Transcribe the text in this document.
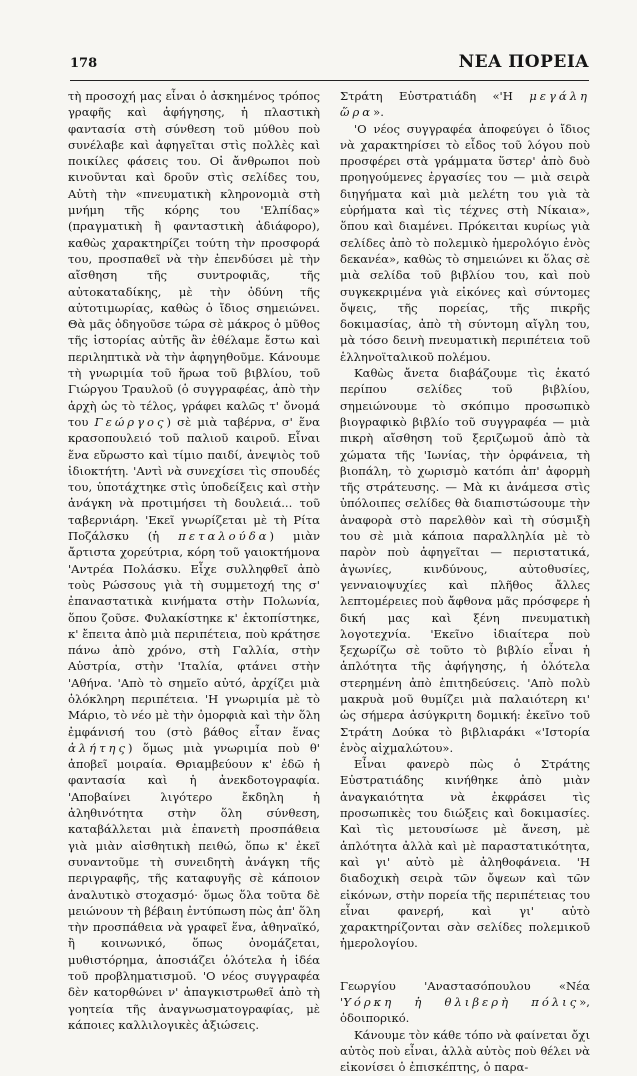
178	ΝΕΑ ΠΟΡΕΙΑ

τὴ προσοχή μας εἶναι ὁ ἀσκημένος τρόπος γραφῆς καὶ ἀφήγησης, ἡ πλαστικὴ φαντασία στὴ σύνθεση τοῦ μύθου ποὺ συνέλαβε καὶ ἀφηγεῖται στὶς πολλὲς καὶ ποικίλες φάσεις του. Οἱ ἄνθρωποι ποὺ κινοῦνται καὶ δροῦν στὶς σελίδες του, Αὐτὴ τὴν «πνευματικὴ κληρονομιὰ στὴ μνήμη τῆς κόρης του 'Ελπίδας» (πραγματικὴ ἢ φανταστικὴ ἀδιάφορο), καθὼς χαρακτηρίζει τούτη τὴν προσφορά του, προσπαθεῖ νὰ τὴν ἐπενδύσει μὲ τὴν αἴσθηση τῆς συντροφιᾶς, τῆς αὐτοκαταδίκης, μὲ τὴν ὀδύνη τῆς αὐτοτιμωρίας, καθὼς ὁ ἴδιος σημειώνει. Θὰ μᾶς ὁδηγοῦσε τώρα σὲ μάκρος ὁ μῦθος τῆς ἱστορίας αὐτῆς ἂν ἐθέλαμε ἔστω καὶ περιληπτικὰ νὰ τὴν ἀφηγηθοῦμε. Κάνουμε τὴ γνωριμία τοῦ ἥρωα τοῦ βιβλίου, τοῦ Γιώργου Τραυλοῦ (ὁ συγγραφέας, ἀπὸ τὴν ἀρχὴ ὡς τὸ τέλος, γράφει καλῶς τ' ὄνομά του Γεώργος) σὲ μιὰ ταβέρνα, σ' ἕνα κρασοπουλειό τοῦ παλιοῦ καιροῦ. Εἶναι ἕνα εὔρωστο καὶ τίμιο παιδί, ἀνεψιὸς τοῦ ἰδιοκτήτη. 'Αντὶ νὰ συνεχίσει τὶς σπουδές του, ὑποτάχτηκε στὶς ὑποδείξεις καὶ στὴν ἀνάγκη νὰ προτιμήσει τὴ δουλειά... τοῦ ταβερνιάρη. 'Εκεῖ γνωρίζεται μὲ τὴ Ρίτα Ποζάλσκυ (ἡ πεταλούδα) μιὰν ἄρτιστα χορεύτρια, κόρη τοῦ γαιοκτήμονα 'Αντρέα Πολάσκυ. Εἶχε συλληφθεῖ ἀπὸ τοὺς Ρώσσους γιὰ τὴ συμμετοχή της σ' ἐπαναστατικὰ κινήματα στὴν Πολωνία, ὅπου ζοῦσε. Φυλακίστηκε κ' ἐκτοπίστηκε, κ' ἔπειτα ἀπὸ μιὰ περιπέτεια, ποὺ κράτησε πάνω ἀπὸ χρόνο, στὴ Γαλλία, στὴν Αὐστρία, στὴν 'Ιταλία, φτάνει στὴν 'Αθήνα. 'Απὸ τὸ σημεῖο αὐτό, ἀρχίζει μιὰ ὁλόκληρη περιπέτεια. 'Η γνωριμία μὲ τὸ Μάριο, τὸ νέο μὲ τὴν ὀμορφιὰ καὶ τὴν ὅλη ἐμφάνισή του (στὸ βάθος εἶταν ἕνας ἀλήτης) ὅμως μιὰ γνωριμία ποὺ θ' ἀποβεῖ μοιραία. Θριαμβεύουν κ' ἐδῶ ἡ φαντασία καὶ ἡ ἀνεκδοτογραφία. 'Αποβαίνει λιγότερο ἔκδηλη ἡ ἀληθινότητα στὴν ὅλη σύνθεση, καταβάλλεται μιὰ ἐπανετὴ προσπάθεια γιὰ μιὰν αἰσθητικὴ πειθώ, ὅπω κ' ἐκεῖ συναντοῦμε τὴ συνειδητὴ ἀνάγκη τῆς περιγραφῆς, τῆς καταφυγῆς σὲ κάποιον ἀναλυτικὸ στοχασμό· ὅμως ὅλα τοῦτα δὲ μειώνουν τὴ βέβαιη ἐντύπωση πὼς ἀπ' ὅλη τὴν προσπάθεια νὰ γραφεῖ ἕνα, ἀθηναϊκό, ἢ κοινωνικό, ὅπως ὀνομάζεται, μυθιστόρημα, ἀποσιάζει ὁλότελα ἡ ἰδέα τοῦ προβληματισμοῦ. 'Ο νέος συγγραφέα δὲν κατορθώνει ν' ἀπαγκιστρωθεῖ ἀπὸ τὴ γοητεία τῆς ἀναγνωσματογραφίας, μὲ κάποιες καλλιλογικὲς ἀξιώσεις.

Στράτη Εὐστρατιάδη «'Η μεγάλη ὥρα».

'Ο νέος συγγραφέα ἀποφεύγει ὁ ἴδιος νὰ χαρακτηρίσει τὸ εἶδος τοῦ λόγου ποὺ προσφέρει στὰ γράμματα ὕστερ' ἀπὸ δυὸ προηγούμενες ἐργασίες του — μιὰ σειρὰ διηγήματα καὶ μιὰ μελέτη του γιὰ τὰ εὐρήματα καὶ τὶς τέχνες στὴ Νίκαια», ὅπου καὶ διαμένει. Πρόκειται κυρίως γιὰ σελίδες ἀπὸ τὸ πολεμικὸ ἡμερολόγιο ἑνὸς δεκανέα», καθὼς τὸ σημειώνει κι ὅλας σὲ μιὰ σελίδα τοῦ βιβλίου του, καὶ ποὺ συγκεκριμένα γιὰ εἰκόνες καὶ σύντομες ὄψεις, τῆς πορείας, τῆς πικρῆς δοκιμασίας, ἀπὸ τὴ σύντομη αἴγλη του, μὰ τόσο δεινὴ πνευματικὴ περιπέτεια τοῦ ἑλληνοϊταλικοῦ πολέμου.

Καθὼς ἄνετα διαβάζουμε τὶς ἑκατό περίπου σελίδες τοῦ βιβλίου, σημειώνουμε τὸ σκόπιμο προσωπικὸ βιογραφικὸ βιβλίο τοῦ συγγραφέα — μιὰ πικρὴ αἴσθηση τοῦ ξεριζωμοῦ ἀπὸ τὰ χώματα τῆς 'Ιωνίας, τὴν ὀρφάνεια, τὴ βιοπάλη, τὸ χωρισμὸ κατόπι ἀπ' ἀφορμὴ τῆς στράτευσης. — Μὰ κι ἀνάμεσα στὶς ὑπόλοιπες σελίδες θὰ διαπιστώσουμε τὴν ἀναφορὰ στὸ παρελθὸν καὶ τὴ σύσμιξὴ του σὲ μιὰ κάποια παραλληλία μὲ τὸ παρὸν ποὺ ἀφηγεῖται — περιστατικά, ἀγωνίες, κινδύνους, αὐτοθυσίες, γενναιοψυχίες καὶ πλῆθος ἄλλες λεπτομέρειες ποὺ ἄφθονα μᾶς πρόσφερε ἡ δική μας καὶ ξένη πνευματικὴ λογοτεχνία. 'Εκεῖνο ἰδιαίτερα ποὺ ξεχωρίζω σὲ τοῦτο τὸ βιβλίο εἶναι ἡ ἁπλότητα τῆς ἀφήγησης, ἡ ὁλότελα στερημένη ἀπὸ ἐπιτηδεύσεις. 'Απὸ πολὺ μακρυὰ μοῦ θυμίζει μιὰ παλαιότερη κι' ὡς σήμερα ἀσύγκριτη δομική: ἐκεῖνο τοῦ Στράτη Δούκα τὸ βιβλιαράκι «'Ιστορία ἑνὸς αἰχμαλώτου».

Εἶναι φανερὸ πὼς ὁ Στράτης Εὐστρατιάδης κινήθηκε ἀπὸ μιὰν ἀναγκαιότητα νὰ ἐκφράσει τὶς προσωπικὲς του διώξεις καὶ δοκιμασίες. Καὶ τὶς μετουσίωσε μὲ ἄνεση, μὲ ἁπλότητα ἀλλὰ καὶ μὲ παραστατικότητα, καὶ γι' αὐτὸ μὲ ἀληθοφάνεια. 'Η διαδοχικὴ σειρὰ τῶν ὄψεων καὶ τῶν εἰκόνων, στὴν πορεία τῆς περιπέτειας του εἶναι φανερή, καὶ γι' αὐτὸ χαρακτηρίζονται σὰν σελίδες πολεμικοῦ ἡμερολογίου.

Γεωργίου 'Αναστασόπουλου «Νέα 'Υόρκη ἡ θλιβερὴ πόλις», ὁδοιπορικό.

Κάνουμε τὸν κάθε τόπο νὰ φαίνεται ὄχι αὐτὸς ποὺ εἶναι, ἀλλὰ αὐτὸς ποὺ θέλει νὰ εἰκονίσει ὁ ἐπισκέπτης, ὁ παρα-
